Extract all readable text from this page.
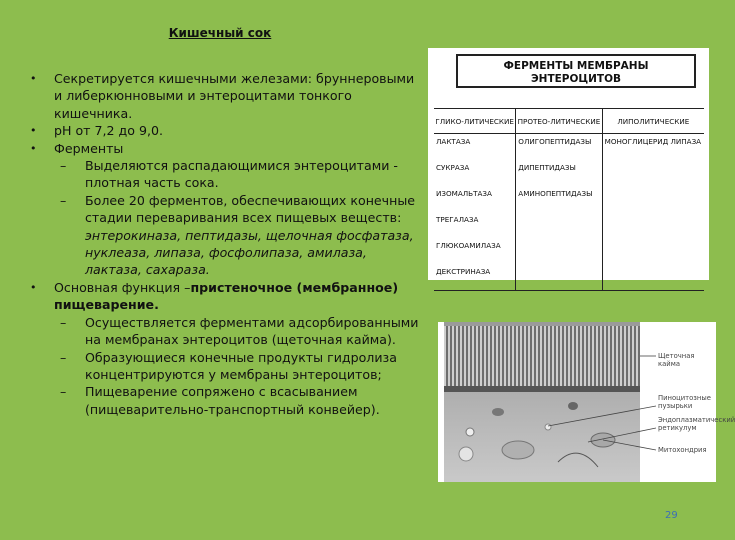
Кишечный сок
• Секретируется кишечными железами: бруннеровыми и либеркюнновыми и энтероцитами тонкого кишечника.
• pH от 7,2 до 9,0.
• Ферменты
– Выделяются распадающимися энтероцитами - плотная часть сока.
– Более 20 ферментов, обеспечивающих конечные стадии переваривания всех пищевых веществ: энтерокиназа, пептидазы, щелочная фосфатаза, нуклеаза, липаза, фосфолипаза, амилаза, лактаза, сахараза.
• Основная функция –пристеночное (мембранное) пищеварение.
– Осуществляется ферментами адсорбированными на мембранах энтероцитов (щеточная кайма).
– Образующиеся конечные продукты гидролиза концентрируются у мембраны энтероцитов;
– Пищеварение сопряжено с всасыванием (пищеварительно-транспортный конвейер).
ФЕРМЕНТЫ МЕМБРАНЫ
ЭНТЕРОЦИТОВ
ГЛИКО-ЛИТИЧЕСКИЕ	ПРОТЕО-ЛИТИЧЕСКИЕ	ЛИПОЛИТИЧЕСКИЕ
ЛАКТАЗА	ОЛИГОПЕПТИДАЗЫ	МОНОГЛИЦЕРИД ЛИПАЗА
СУКРАЗА	ДИПЕПТИДАЗЫ	
ИЗОМАЛЬТАЗА	АМИНОПЕПТИДАЗЫ	
ТРЕГАЛАЗА		
ГЛЮКОАМИЛАЗА		
ДЕКСТРИНАЗА		
Щеточная кайма
Пиноцитозные пузырьки
Эндоплазматический ретикулум
Митохондрия
29
